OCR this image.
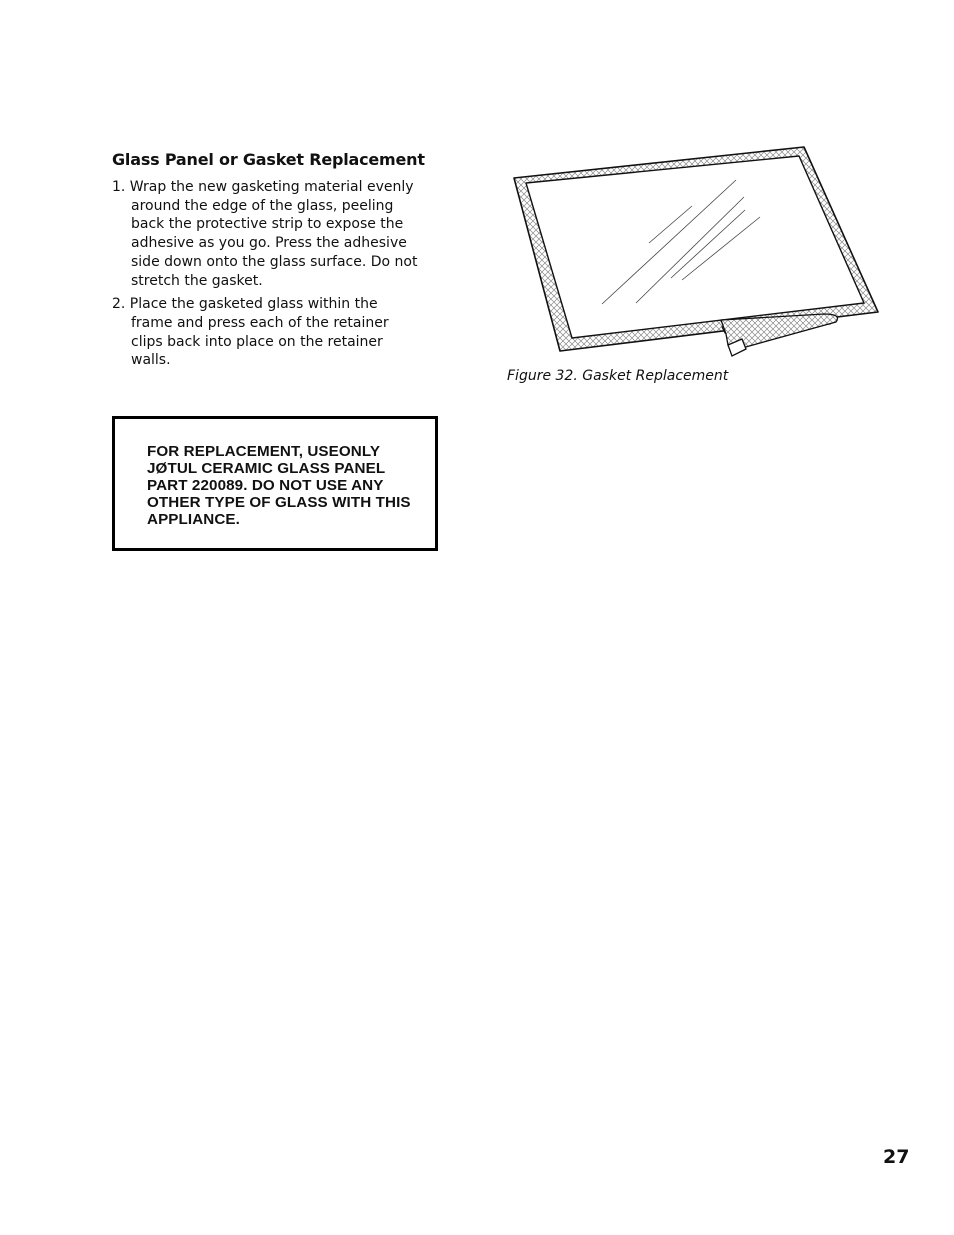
Glass Panel or Gasket Replacement
1. Wrap the new gasketing material evenly around the edge of the glass, peeling back the protective strip to expose the adhesive as you go. Press the adhesive side down onto the glass surface. Do not stretch the gasket.
2. Place the gasketed glass within the frame and press each of the retainer clips back into place on the retainer walls.

FOR REPLACEMENT, USEONLY JØTUL CERAMIC GLASS PANEL PART 220089. DO NOT USE ANY OTHER TYPE OF GLASS WITH THIS APPLIANCE.

Figure 32. Gasket Replacement
27
